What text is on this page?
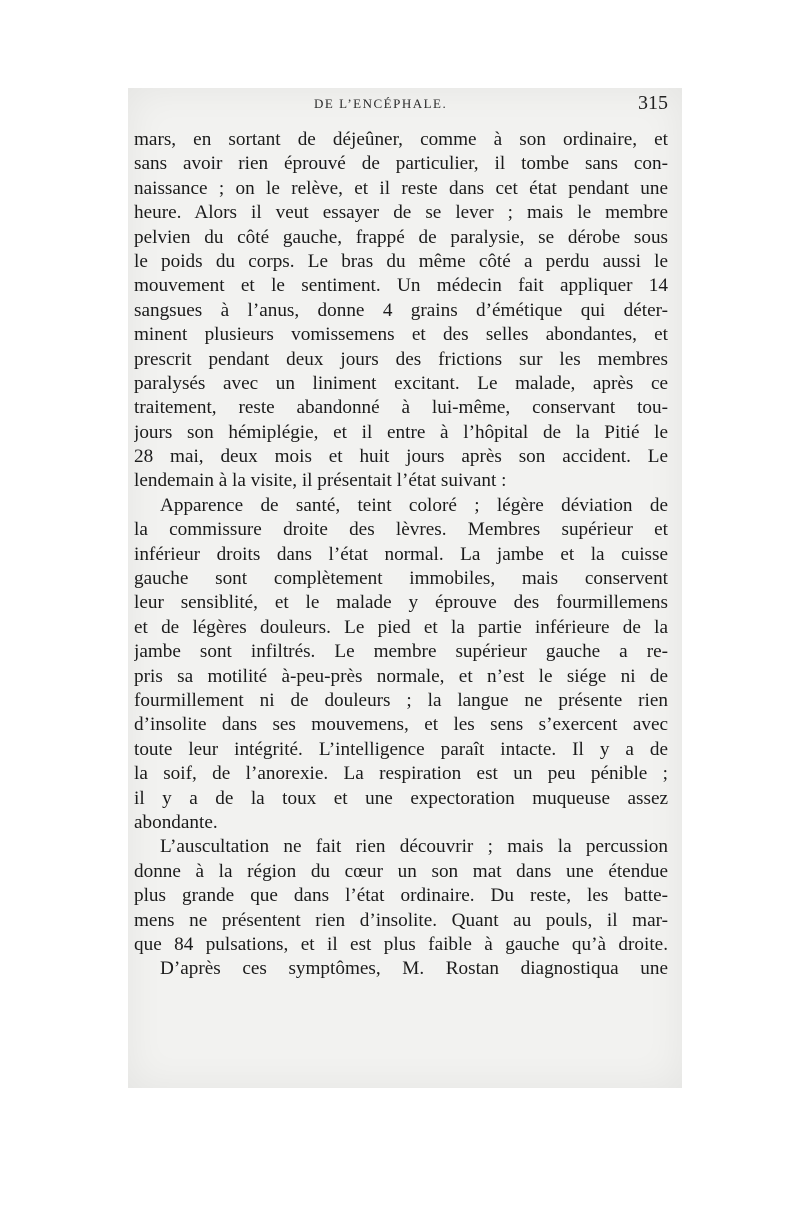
DE L’ENCÉPHALE.	315
mars, en sortant de déjeûner, comme à son ordinaire, et
sans avoir rien éprouvé de particulier, il tombe sans con-
naissance ; on le relève, et il reste dans cet état pendant une
heure. Alors il veut essayer de se lever ; mais le membre
pelvien du côté gauche, frappé de paralysie, se dérobe sous
le poids du corps. Le bras du même côté a perdu aussi le
mouvement et le sentiment. Un médecin fait appliquer 14
sangsues à l’anus, donne 4 grains d’émétique qui déter-
minent plusieurs vomissemens et des selles abondantes, et
prescrit pendant deux jours des frictions sur les membres
paralysés avec un liniment excitant. Le malade, après ce
traitement, reste abandonné à lui-même, conservant tou-
jours son hémiplégie, et il entre à l’hôpital de la Pitié le
28 mai, deux mois et huit jours après son accident. Le
lendemain à la visite, il présentait l’état suivant :
Apparence de santé, teint coloré ; légère déviation de
la commissure droite des lèvres. Membres supérieur et
inférieur droits dans l’état normal. La jambe et la cuisse
gauche sont complètement immobiles, mais conservent
leur sensiblité, et le malade y éprouve des fourmillemens
et de légères douleurs. Le pied et la partie inférieure de la
jambe sont infiltrés. Le membre supérieur gauche a re-
pris sa motilité à-peu-près normale, et n’est le siége ni de
fourmillement ni de douleurs ; la langue ne présente rien
d’insolite dans ses mouvemens, et les sens s’exercent avec
toute leur intégrité. L’intelligence paraît intacte. Il y a de
la soif, de l’anorexie. La respiration est un peu pénible ;
il y a de la toux et une expectoration muqueuse assez
abondante.
L’auscultation ne fait rien découvrir ; mais la percussion
donne à la région du cœur un son mat dans une étendue
plus grande que dans l’état ordinaire. Du reste, les batte-
mens ne présentent rien d’insolite. Quant au pouls, il mar-
que 84 pulsations, et il est plus faible à gauche qu’à droite.
D’après ces symptômes, M. Rostan diagnostiqua une
